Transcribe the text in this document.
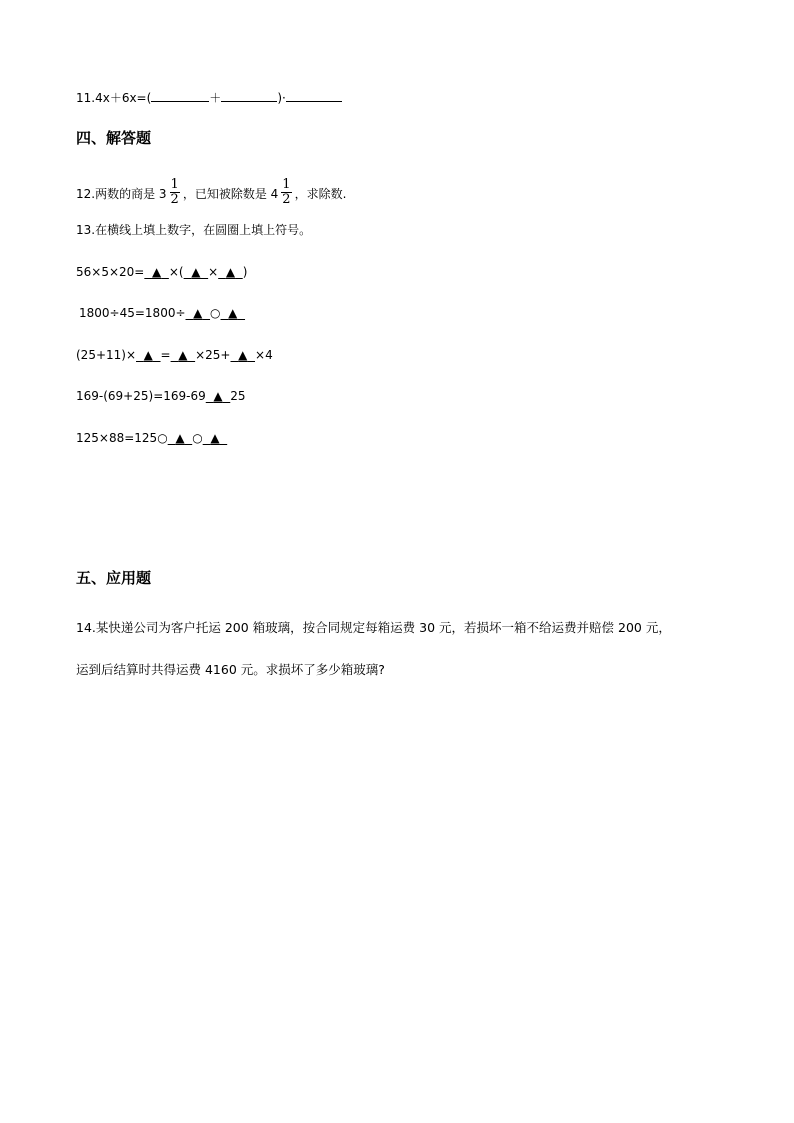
11.4x＋6x=(	＋	)·
四、解答题
12.两数的商是 $3 \frac{1}{2}$ ，已知被除数是 $4 \frac{1}{2}$ ，求除数.
13.在横线上填上数字，在圆圈上填上符号。
56×5×20= ▲ ×( ▲ × ▲ )
1800÷45=1800÷ ▲ ○ ▲
(25+11)× ▲ = ▲ ×25+ ▲ ×4
169-(69+25)=169-69 ▲ 25
125×88=125○ ▲ ○ ▲
五、应用题
14.某快递公司为客户托运 200 箱玻璃，按合同规定每箱运费 30 元，若损坏一箱不给运费并赔偿 200 元，
运到后结算时共得运费 4160 元。求损坏了多少箱玻璃?
